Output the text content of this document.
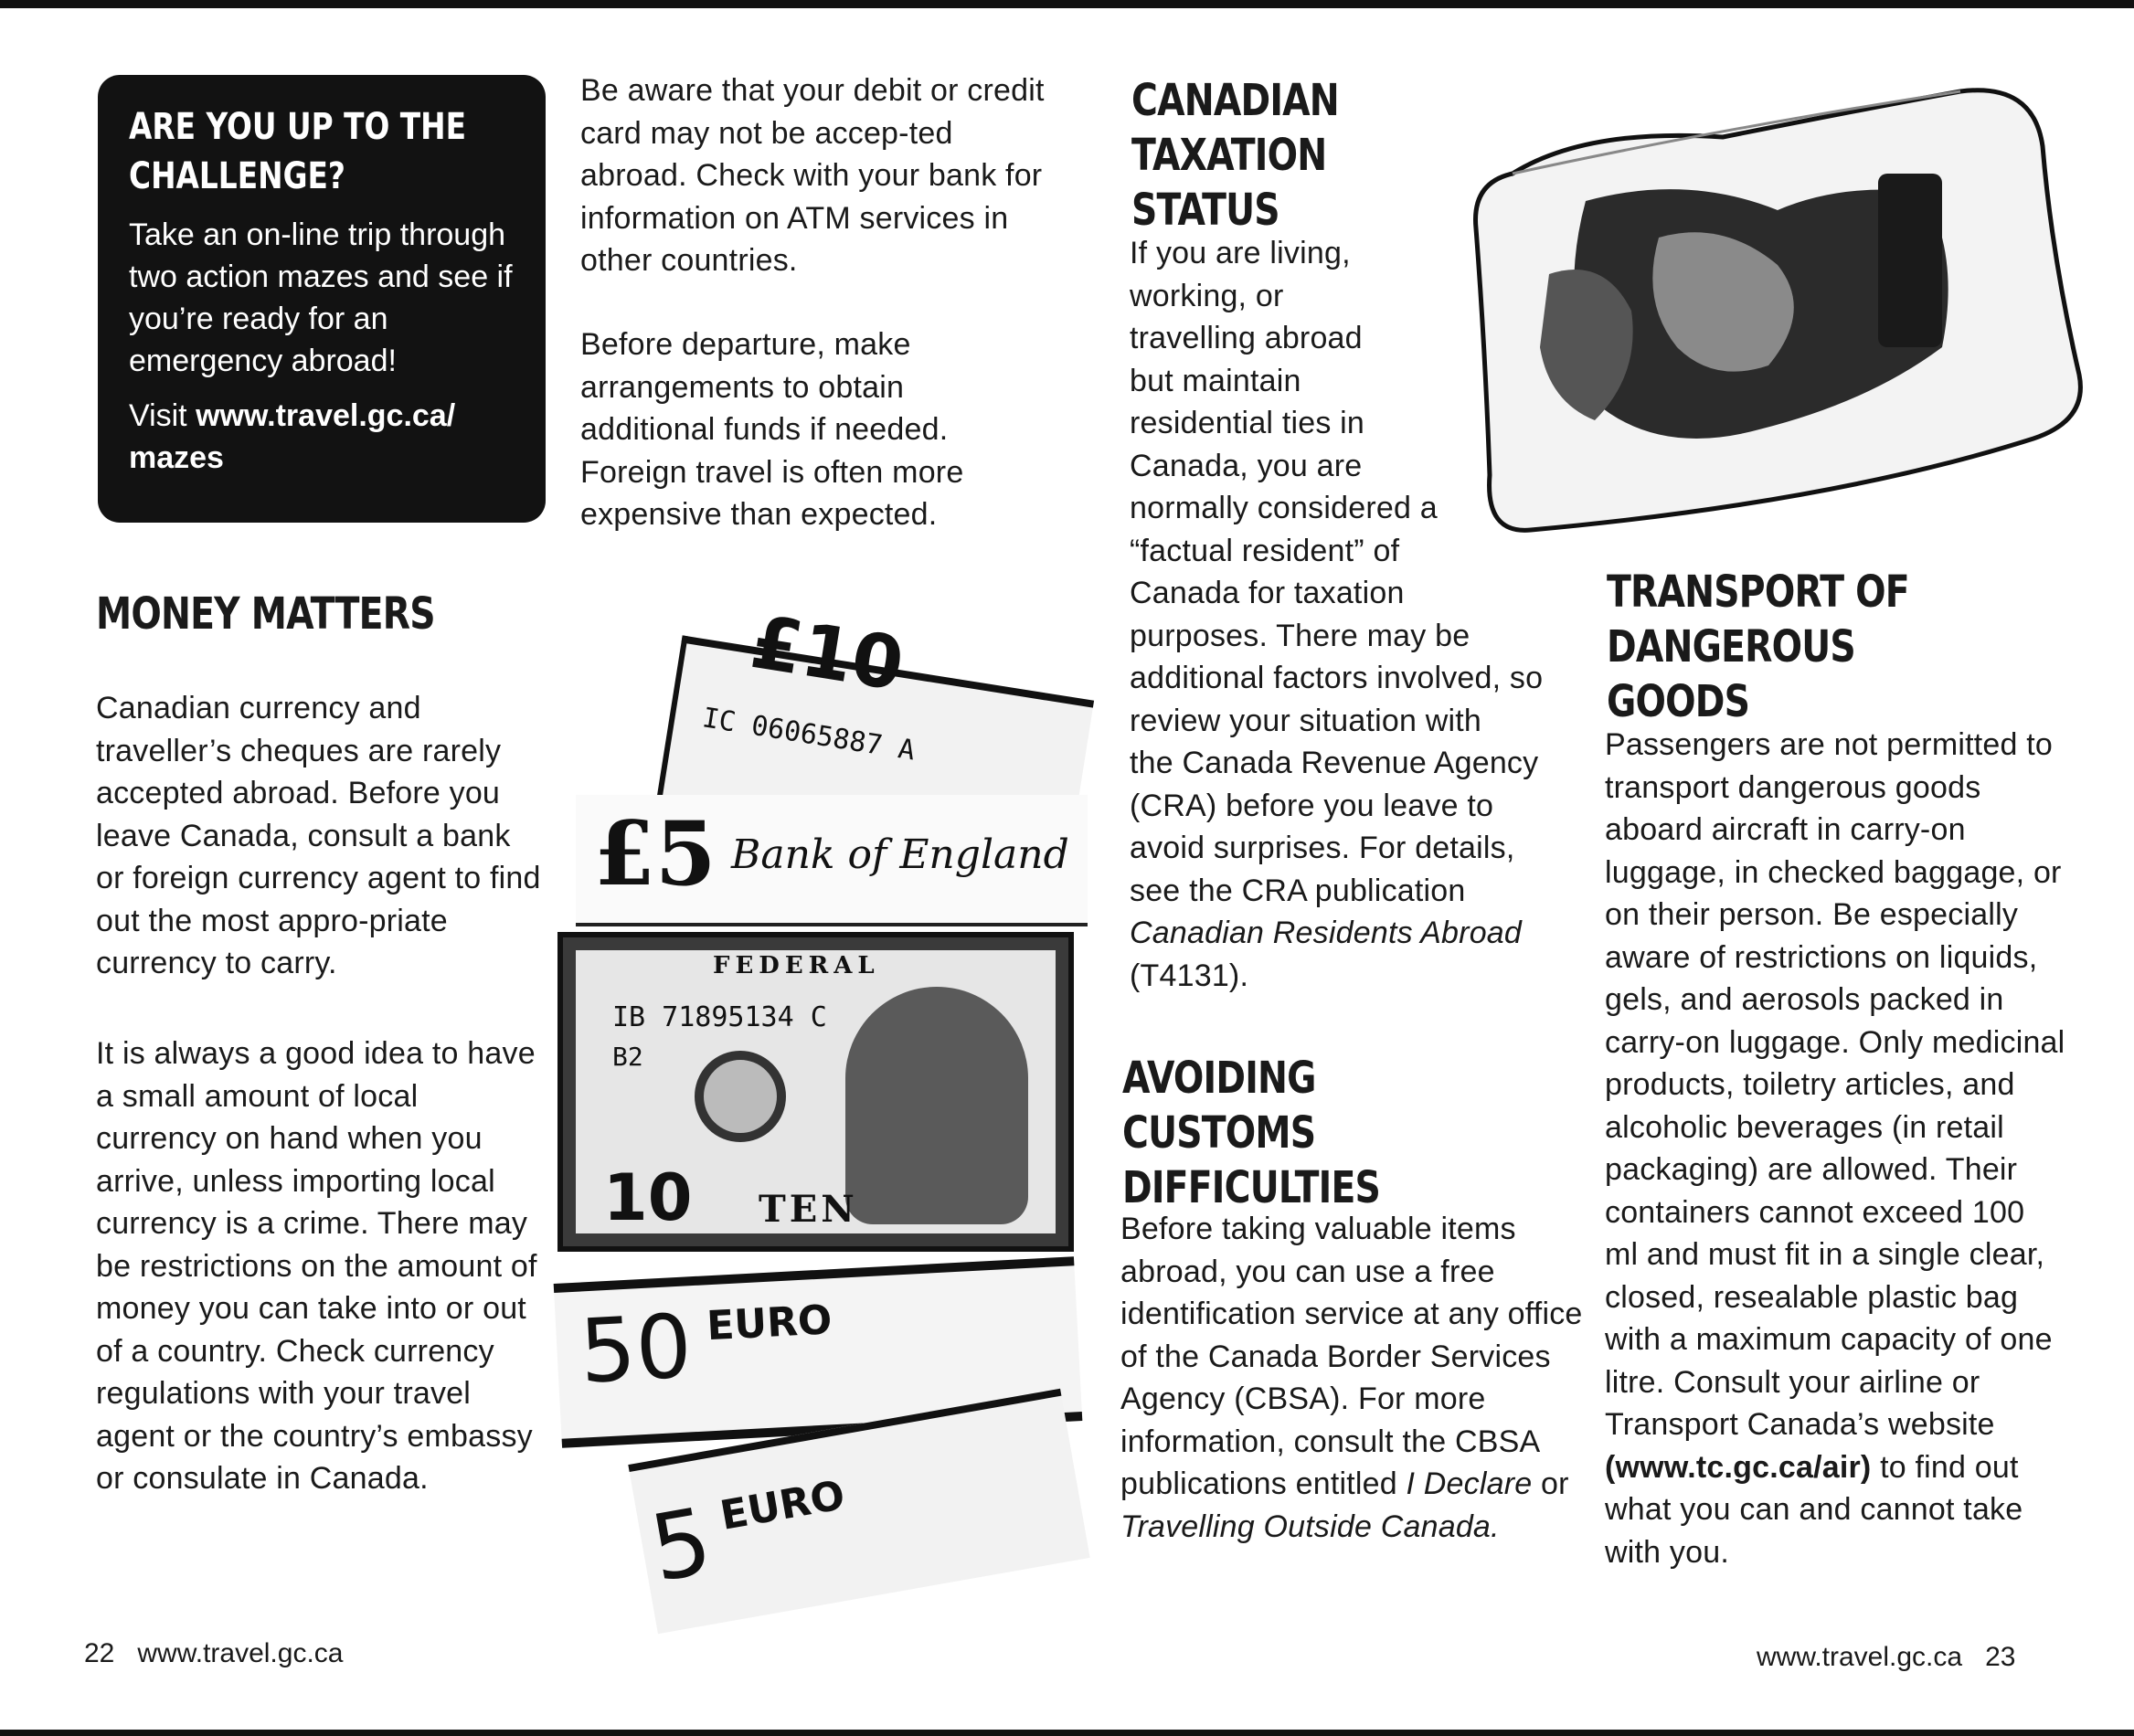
ARE YOU UP TO THE
CHALLENGE?

Take an on-line trip through two action mazes and see if you’re ready for an emergency abroad!

Visit www.travel.gc.ca/ mazes

MONEY MATTERS

Canadian currency and traveller’s cheques are rarely accepted abroad. Before you leave Canada, consult a bank or foreign currency agent to find out the most appro-priate currency to carry.

It is always a good idea to have a small amount of local currency on hand when you arrive, unless importing local currency is a crime. There may be restrictions on the amount of money you can take into or out of a country. Check currency regulations with your travel agent or the country’s embassy or consulate in Canada.

Be aware that your debit or credit card may not be accep-ted abroad. Check with your bank for information on ATM services in other countries.

Before departure, make arrangements to obtain additional funds if needed. Foreign travel is often more expensive than expected.

£10
IC 06065887 A
£5 Bank of England
FEDERAL
IB 71895134 C
B2
10 TEN
50 EURO
5
EURO
CANADIAN TAXATION
STATUS
If you are living,
working, or
travelling abroad
but maintain
residential ties in
Canada, you are
normally considered a
“factual resident” of
Canada for taxation
purposes. There may be
additional factors involved, so
review your situation with
the Canada Revenue Agency
(CRA) before you leave to
avoid surprises. For details,
see the CRA publication
Canadian Residents Abroad
(T4131).
AVOIDING CUSTOMS
DIFFICULTIES

Before taking valuable items abroad, you can use a free identification service at any office of the Canada Border Services Agency (CBSA). For more information, consult the CBSA publications entitled I Declare or Travelling Outside Canada.

TRANSPORT OF
DANGEROUS GOODS

Passengers are not permitted to transport dangerous goods aboard aircraft in carry-on luggage, in checked baggage, or on their person. Be especially aware of restrictions on liquids, gels, and aerosols packed in carry-on luggage. Only medicinal products, toiletry articles, and alcoholic beverages (in retail packaging) are allowed. Their containers cannot exceed 100 ml and must fit in a single clear, closed, resealable plastic bag with a maximum capacity of one litre. Consult your airline or Transport Canada’s website (www.tc.gc.ca/air) to find out what you can and cannot take with you.

22 www.travel.gc.ca	www.travel.gc.ca 23
